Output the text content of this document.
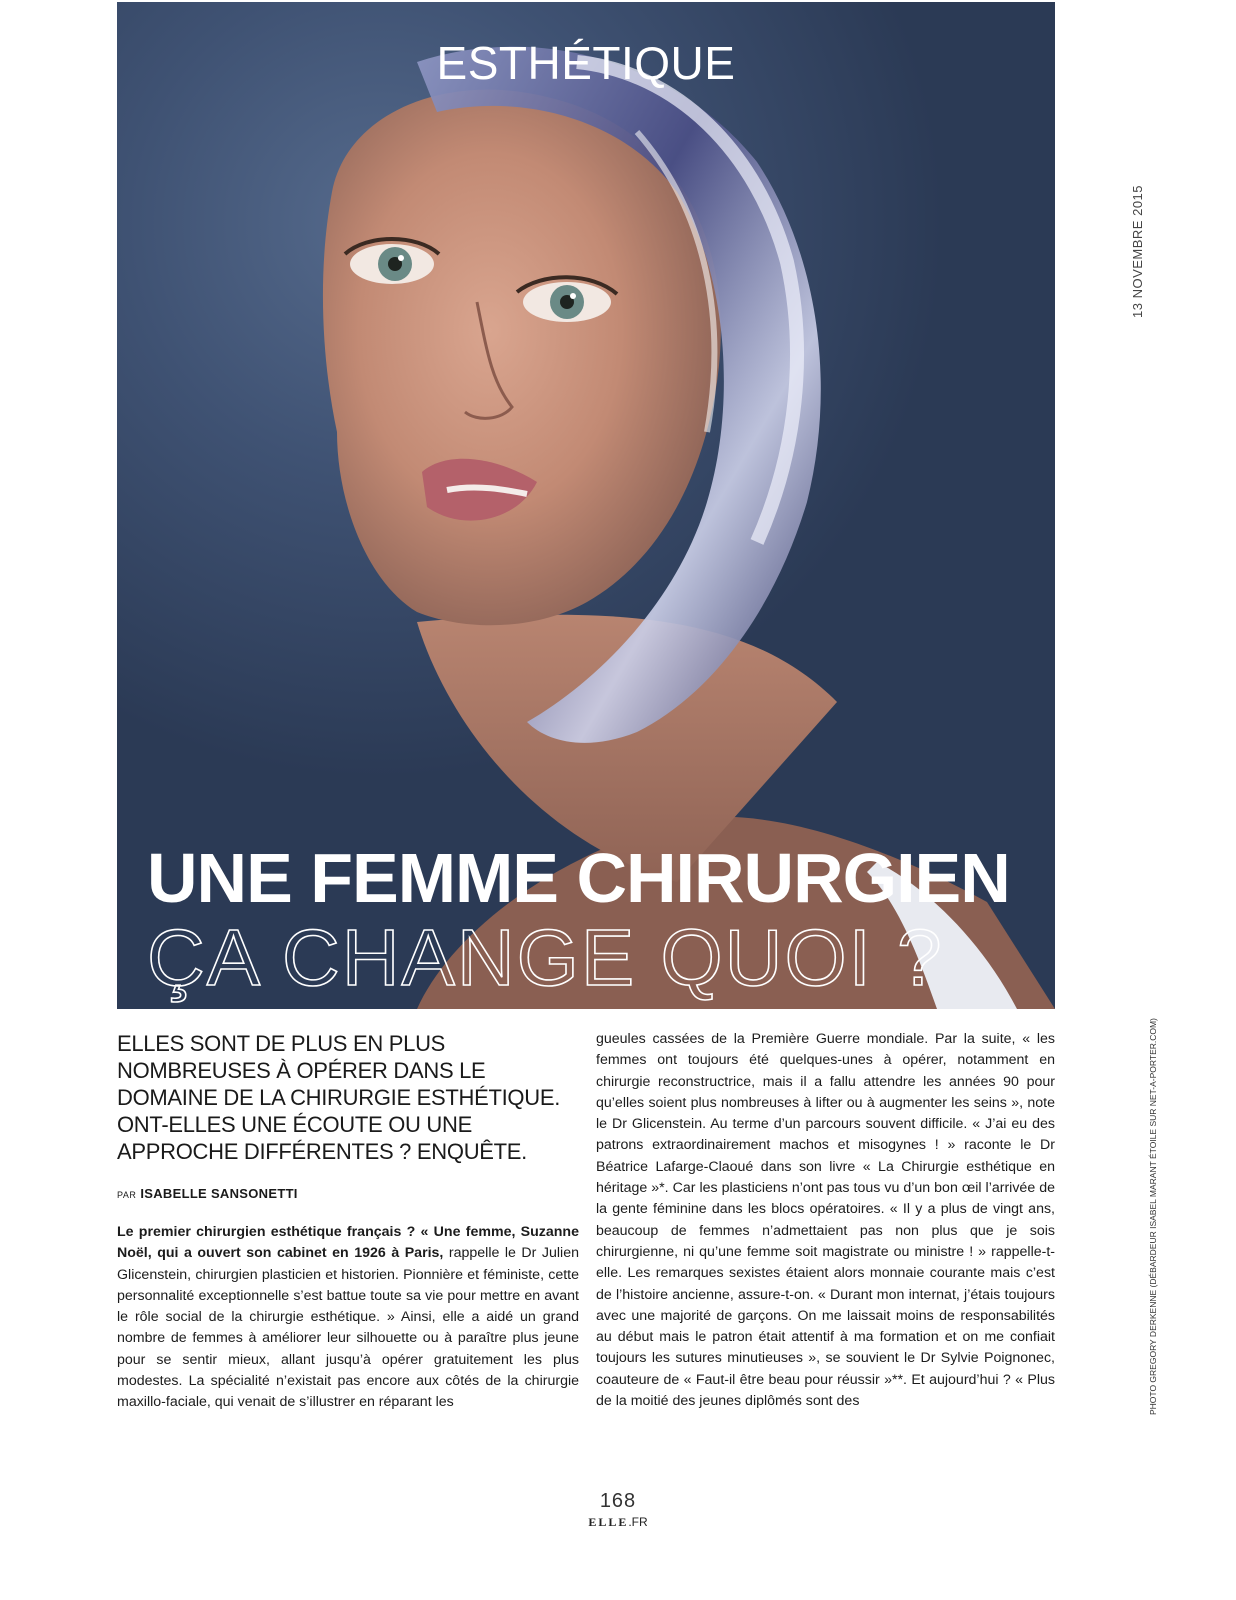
ESTHÉTIQUE
UNE FEMME CHIRURGIEN
ÇA CHANGE QUOI ?
13 NOVEMBRE 2015
ELLES SONT DE PLUS EN PLUS NOMBREUSES À OPÉRER DANS LE DOMAINE DE LA CHIRURGIE ESTHÉTIQUE. ONT-ELLES UNE ÉCOUTE OU UNE APPROCHE DIFFÉRENTES ? ENQUÊTE.
PAR ISABELLE SANSONETTI

Le premier chirurgien esthétique français ? « Une femme, Suzanne Noël, qui a ouvert son cabinet en 1926 à Paris, rappelle le Dr Julien Glicenstein, chirurgien plasticien et historien. Pionnière et féministe, cette personnalité exceptionnelle s’est battue toute sa vie pour mettre en avant le rôle social de la chirurgie esthétique. » Ainsi, elle a aidé un grand nombre de femmes à améliorer leur silhouette ou à paraître plus jeune pour se sentir mieux, allant jusqu’à opérer gratuitement les plus modestes. La spécialité n’existait pas encore aux côtés de la chirurgie maxillo-faciale, qui venait de s’illustrer en réparant les

gueules cassées de la Première Guerre mondiale. Par la suite, « les femmes ont toujours été quelques-unes à opérer, notamment en chirurgie reconstructrice, mais il a fallu attendre les années 90 pour qu’elles soient plus nombreuses à lifter ou à augmenter les seins », note le Dr Glicenstein. Au terme d’un parcours souvent difficile. « J’ai eu des patrons extraordinairement machos et misogynes ! » raconte le Dr Béatrice Lafarge-Claoué dans son livre « La Chirurgie esthétique en héritage »*. Car les plasticiens n’ont pas tous vu d’un bon œil l’arrivée de la gente féminine dans les blocs opératoires. « Il y a plus de vingt ans, beaucoup de femmes n’admettaient pas non plus que je sois chirurgienne, ni qu’une femme soit magistrate ou ministre ! » rappelle-t-elle. Les remarques sexistes étaient alors monnaie courante mais c’est de l’histoire ancienne, assure-t-on. « Durant mon internat, j’étais toujours avec une majorité de garçons. On me laissait moins de responsabilités au début mais le patron était attentif à ma formation et on me confiait toujours les sutures minutieuses », se souvient le Dr Sylvie Poignonec, coauteure de « Faut-il être beau pour réussir »**. Et aujourd’hui ? « Plus de la moitié des jeunes diplômés sont des	PHOTO GREGORY DERKENNE (DÉBARDEUR ISABEL MARANT ÉTOILE SUR NET-A-PORTER.COM)
168
ELLE.FR
